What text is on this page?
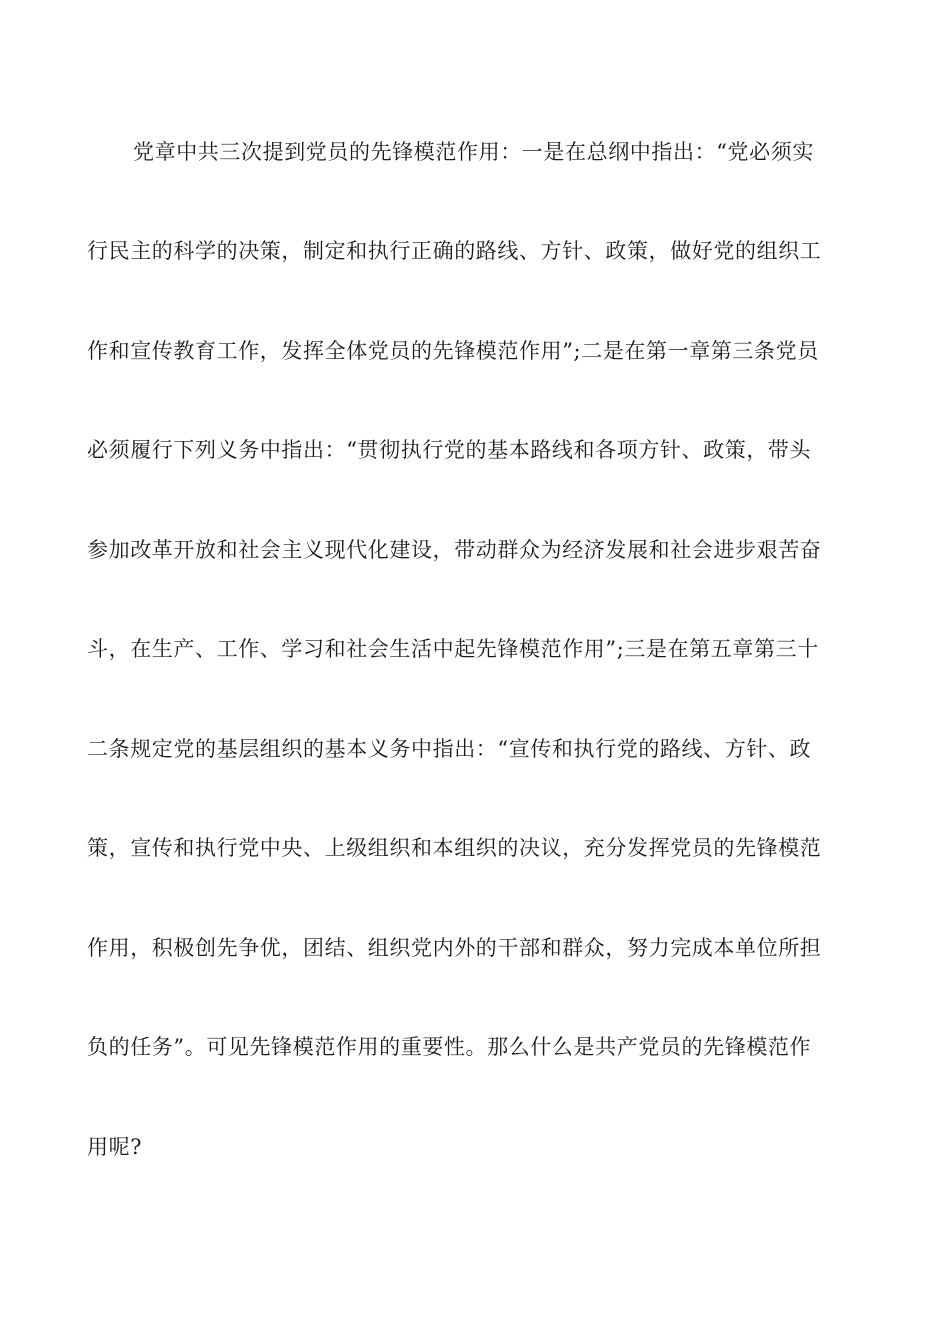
党章中共三次提到党员的先锋模范作用：一是在总纲中指出：“党必须实
行民主的科学的决策，制定和执行正确的路线、方针、政策，做好党的组织工
作和宣传教育工作，发挥全体党员的先锋模范作用”;二是在第一章第三条党员
必须履行下列义务中指出：“贯彻执行党的基本路线和各项方针、政策，带头
参加改革开放和社会主义现代化建设，带动群众为经济发展和社会进步艰苦奋
斗，在生产、工作、学习和社会生活中起先锋模范作用”;三是在第五章第三十
二条规定党的基层组织的基本义务中指出：“宣传和执行党的路线、方针、政
策，宣传和执行党中央、上级组织和本组织的决议，充分发挥党员的先锋模范
作用，积极创先争优，团结、组织党内外的干部和群众，努力完成本单位所担
负的任务”。可见先锋模范作用的重要性。那么什么是共产党员的先锋模范作
用呢?
